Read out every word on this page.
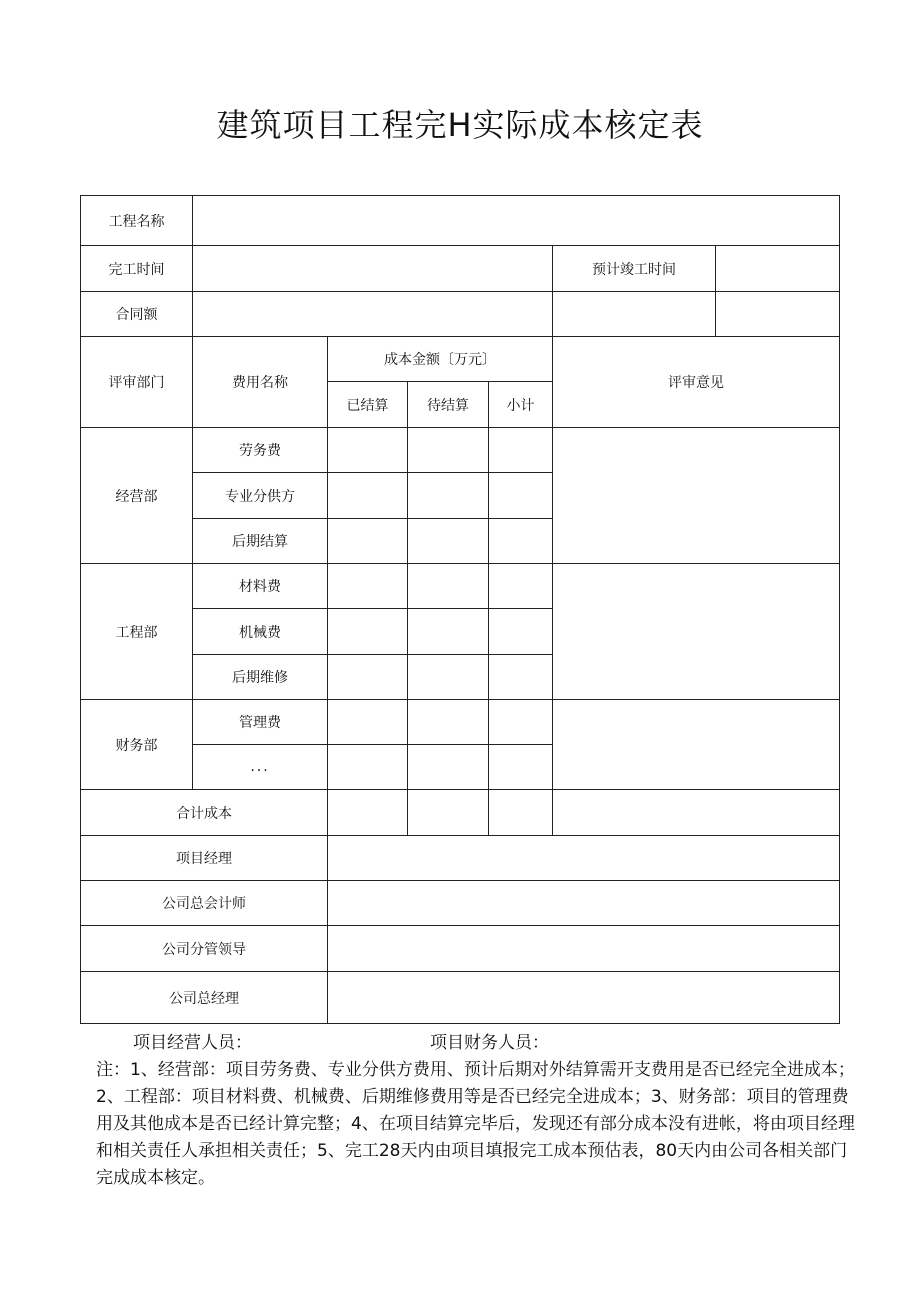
建筑项目工程完H实际成本核定表
工程名称						
完工时间					预计竣工时间	
合同额						
评审部门	费用名称	成本金额〔万元〕			评审意见	
		已结算	待结算	小计		
经营部	劳务费					
	专业分供方					
	后期结算					
工程部	材料费					
	机械费					
	后期维修					
财务部	管理费					
	...					
合计成本						
项目经理						
公司总会计师						
公司分管领导						
公司总经理						
项目经营人员：	项目财务人员：
注：1、经营部：项目劳务费、专业分供方费用、预计后期对外结算需开支费用是否已经完全进成本；2、工程部：项目材料费、机械费、后期维修费用等是否已经完全进成本；3、财务部：项目的管理费用及其他成本是否已经计算完整；4、在项目结算完毕后，发现还有部分成本没有进帐，将由项目经理和相关责任人承担相关责任；5、完工28天内由项目填报完工成本预估表，80天内由公司各相关部门完成成本核定。
